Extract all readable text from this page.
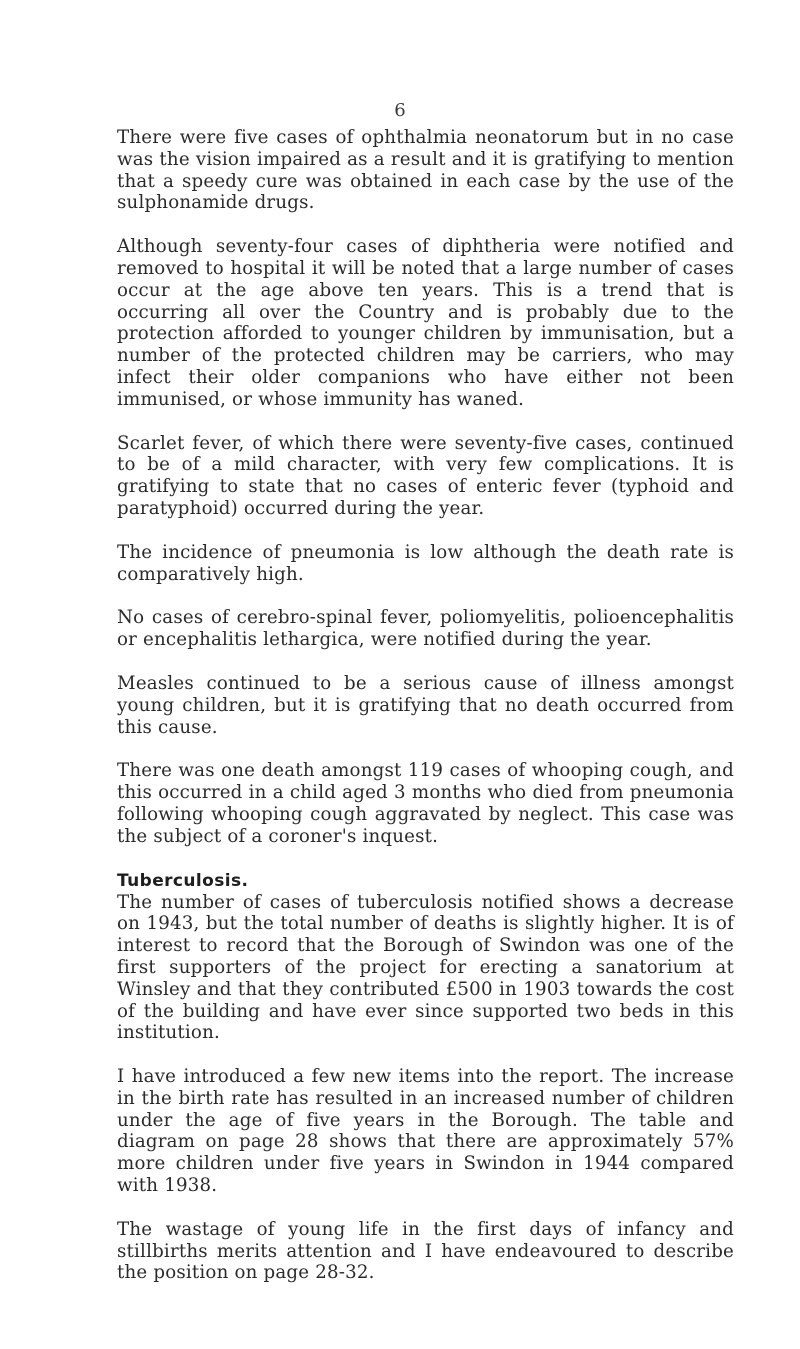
6

There were five cases of ophthalmia neonatorum but in no case was the vision impaired as a result and it is gratifying to mention that a speedy cure was obtained in each case by the use of the sulphonamide drugs.

Although seventy-four cases of diphtheria were notified and removed to hospital it will be noted that a large number of cases occur at the age above ten years. This is a trend that is occurring all over the Country and is probably due to the protection afforded to younger children by immunisation, but a number of the protected children may be carriers, who may infect their older companions who have either not been immunised, or whose immunity has waned.

Scarlet fever, of which there were seventy-five cases, continued to be of a mild character, with very few complications. It is gratifying to state that no cases of enteric fever (typhoid and paratyphoid) occurred during the year.

The incidence of pneumonia is low although the death rate is comparatively high.

No cases of cerebro-spinal fever, poliomyelitis, polioencephalitis or encephalitis lethargica, were notified during the year.

Measles continued to be a serious cause of illness amongst young children, but it is gratifying that no death occurred from this cause.

There was one death amongst 119 cases of whooping cough, and this occurred in a child aged 3 months who died from pneumonia following whooping cough aggravated by neglect. This case was the subject of a coroner's inquest.

Tuberculosis.

The number of cases of tuberculosis notified shows a decrease on 1943, but the total number of deaths is slightly higher. It is of interest to record that the Borough of Swindon was one of the first supporters of the project for erecting a sanatorium at Winsley and that they contributed £500 in 1903 towards the cost of the building and have ever since supported two beds in this institution.

I have introduced a few new items into the report. The increase in the birth rate has resulted in an increased number of children under the age of five years in the Borough. The table and diagram on page 28 shows that there are approximately 57% more children under five years in Swindon in 1944 compared with 1938.

The wastage of young life in the first days of infancy and stillbirths merits attention and I have endeavoured to describe the position on page 28-32.
